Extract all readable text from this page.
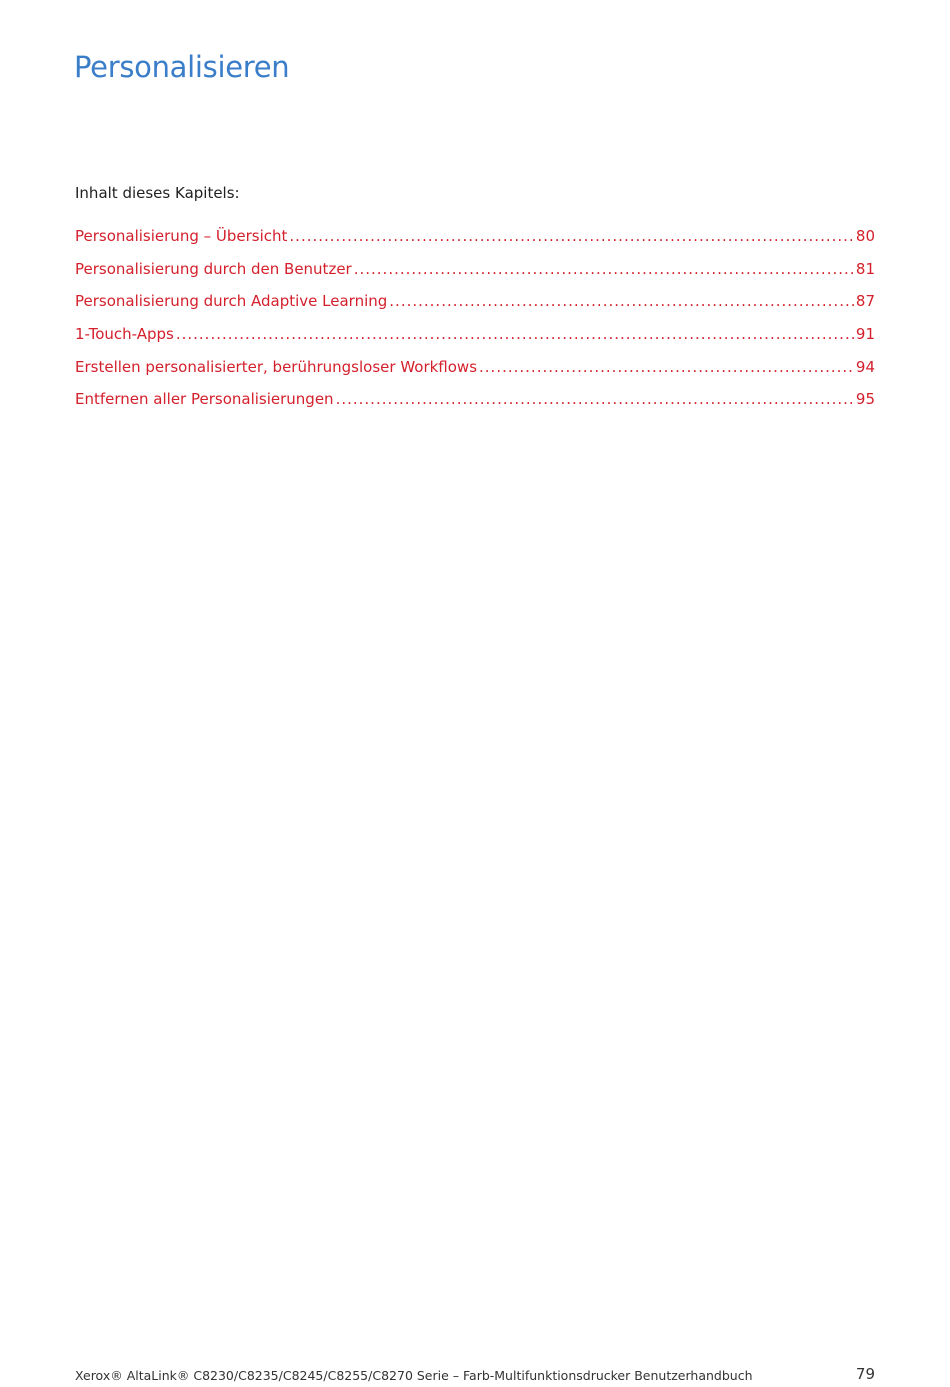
Personalisieren
Inhalt dieses Kapitels:
Personalisierung – Übersicht .....	80
Personalisierung durch den Benutzer .....	81
Personalisierung durch Adaptive Learning .....	87
1-Touch-Apps .....	91
Erstellen personalisierter, berührungsloser Workflows .....	94
Entfernen aller Personalisierungen .....	95
Xerox® AltaLink® C8230/C8235/C8245/C8255/C8270 Serie – Farb-Multifunktionsdrucker Benutzerhandbuch	79
